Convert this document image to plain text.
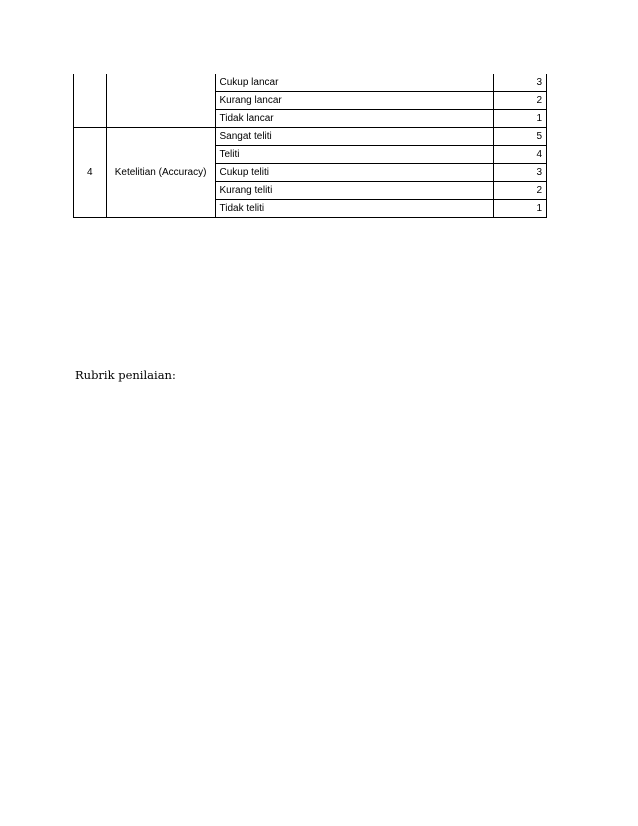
		Cukup lancar	3
		Kurang lancar	2
		Tidak lancar	1
4	Ketelitian (Accuracy)	Sangat teliti	5
		Teliti	4
		Cukup teliti	3
		Kurang teliti	2
		Tidak teliti	1
Rubrik penilaian:
